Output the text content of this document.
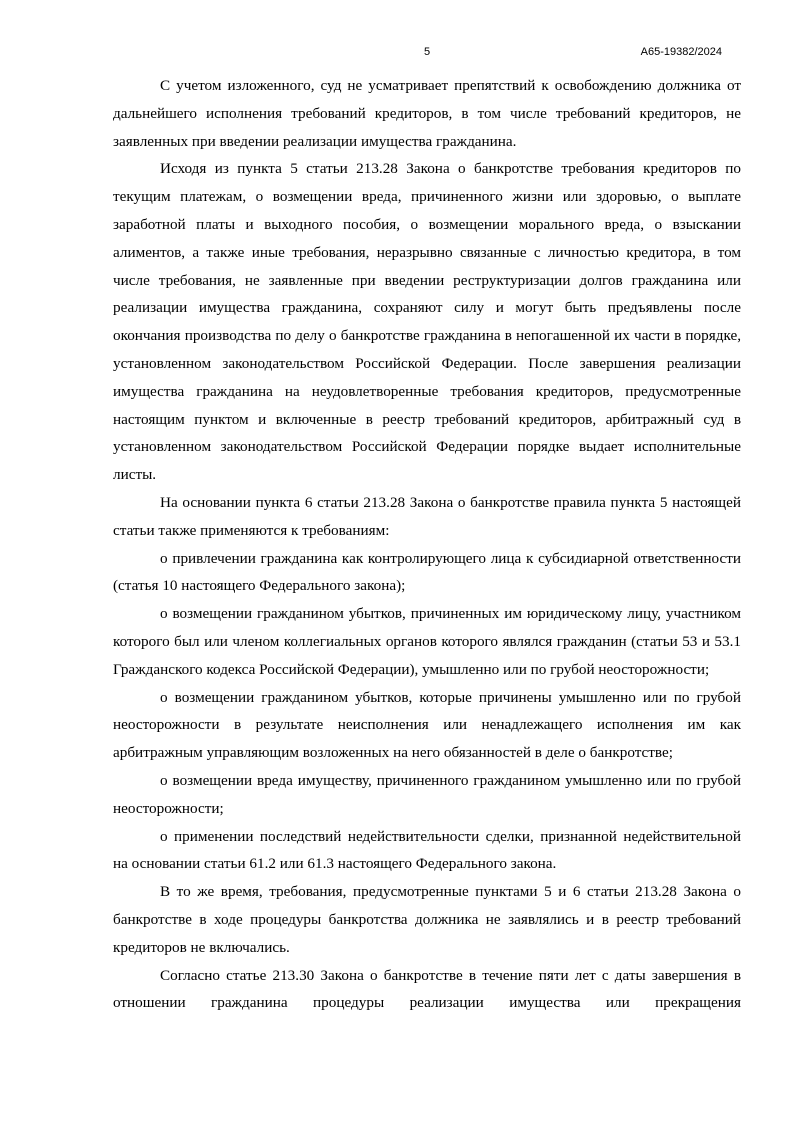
5	А65-19382/2024

С учетом изложенного, суд не усматривает препятствий к освобождению должника от дальнейшего исполнения требований кредиторов, в том числе требований кредиторов, не заявленных при введении реализации имущества гражданина.

Исходя из пункта 5 статьи 213.28 Закона о банкротстве требования кредиторов по текущим платежам, о возмещении вреда, причиненного жизни или здоровью, о выплате заработной платы и выходного пособия, о возмещении морального вреда, о взыскании алиментов, а также иные требования, неразрывно связанные с личностью кредитора, в том числе требования, не заявленные при введении реструктуризации долгов гражданина или реализации имущества гражданина, сохраняют силу и могут быть предъявлены после окончания производства по делу о банкротстве гражданина в непогашенной их части в порядке, установленном законодательством Российской Федерации. После завершения реализации имущества гражданина на неудовлетворенные требования кредиторов, предусмотренные настоящим пунктом и включенные в реестр требований кредиторов, арбитражный суд в установленном законодательством Российской Федерации порядке выдает исполнительные листы.

На основании пункта 6 статьи 213.28 Закона о банкротстве правила пункта 5 настоящей статьи также применяются к требованиям:

о привлечении гражданина как контролирующего лица к субсидиарной ответственности (статья 10 настоящего Федерального закона);

о возмещении гражданином убытков, причиненных им юридическому лицу, участником которого был или членом коллегиальных органов которого являлся гражданин (статьи 53 и 53.1 Гражданского кодекса Российской Федерации), умышленно или по грубой неосторожности;

о возмещении гражданином убытков, которые причинены умышленно или по грубой неосторожности в результате неисполнения или ненадлежащего исполнения им как арбитражным управляющим возложенных на него обязанностей в деле о банкротстве;

о возмещении вреда имуществу, причиненного гражданином умышленно или по грубой неосторожности;

о применении последствий недействительности сделки, признанной недействительной на основании статьи 61.2 или 61.3 настоящего Федерального закона.

В то же время, требования, предусмотренные пунктами 5 и 6 статьи 213.28 Закона о банкротстве в ходе процедуры банкротства должника не заявлялись и в реестр требований кредиторов не включались.

Согласно статье 213.30 Закона о банкротстве в течение пяти лет с даты завершения в отношении гражданина процедуры реализации имущества или прекращения
